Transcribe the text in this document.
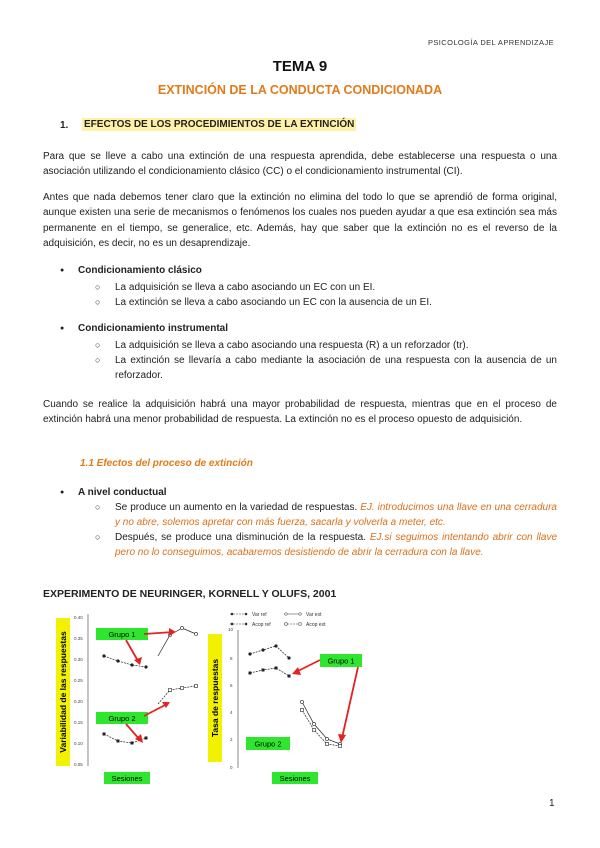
PSICOLOGÍA DEL APRENDIZAJE
TEMA 9
EXTINCIÓN DE LA CONDUCTA CONDICIONADA
1. EFECTOS DE LOS PROCEDIMIENTOS DE LA EXTINCIÓN
Para que se lleve a cabo una extinción de una respuesta aprendida, debe establecerse una respuesta o una asociación utilizando el condicionamiento clásico (CC) o el condicionamiento instrumental (CI).
Antes que nada debemos tener claro que la extinción no elimina del todo lo que se aprendió de forma original, aunque existen una serie de mecanismos o fenómenos los cuales nos pueden ayudar a que esa extinción sea más permanente en el tiempo, se generalice, etc. Además, hay que saber que la extinción no es el reverso de la adquisición, es decir, no es un desaprendizaje.
● Condicionamiento clásico
○ La adquisición se lleva a cabo asociando un EC con un EI.
○ La extinción se lleva a cabo asociando un EC con la ausencia de un EI.
● Condicionamiento instrumental
○ La adquisición se lleva a cabo asociando una respuesta (R) a un reforzador (tr).
○ La extinción se llevaría a cabo mediante la asociación de una respuesta con la ausencia de un reforzador.
Cuando se realice la adquisición habrá una mayor probabilidad de respuesta, mientras que en el proceso de extinción habrá una menor probabilidad de respuesta. La extinción no es el proceso opuesto de adquisición.
1.1 Efectos del proceso de extinción
● A nivel conductual
○ Se produce un aumento en la variedad de respuestas. EJ. introducimos una llave en una cerradura y no abre, solemos apretar con más fuerza, sacarla y volverla a meter, etc.
○ Después, se produce una disminución de la respuesta. EJ.si seguimos intentando abrir con llave pero no lo conseguimos, acabaremos desistiendo de abrir la cerradura con la llave.
EXPERIMENTO DE NEURINGER, KORNELL Y OLUFS, 2001
Variabilidad de las respuestas
0.40
0.35
0.30
0.25
0.20
0.15
0.10
0.05
Grupo 1
Grupo 2
Sesiones
Var ref	Var ext
Acop ref	Acop ext
Tasa de respuestas
10
8
6
4
2
0
Grupo 1
Grupo 2
Sesiones
1
